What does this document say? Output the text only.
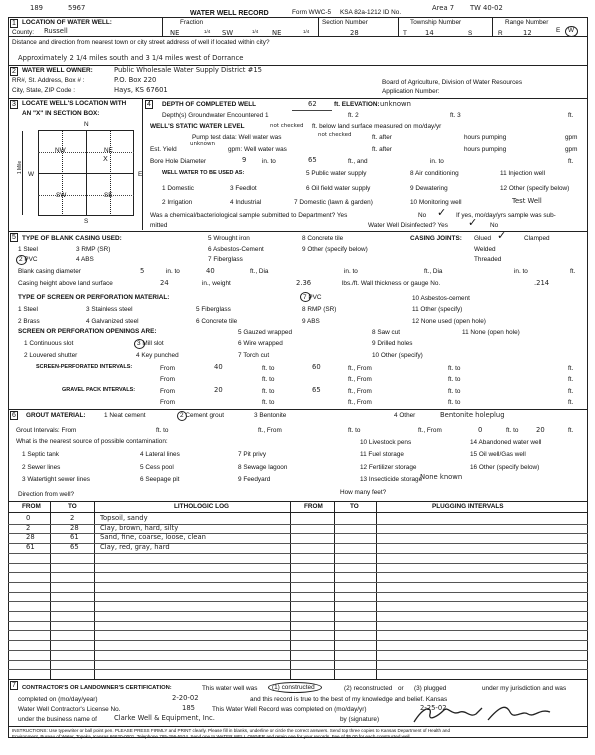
189	5967
WATER WELL RECORD	Form WWC-5 KSA 82a-1212 ID No.
Area 7 TW 40-02
1 LOCATION OF WATER WELL:	Fraction	Section Number	Township Number	Range Number
County: Russell	NE	1/4 SW	1/4 NE	1/4	28	T	14	S	R	12	E W
Distance and direction from nearest town or city street address of well if located within city?
Approximately 2 1/4 miles south and 3 1/4 miles west of Dorrance
2 WATER WELL OWNER:	Public Wholesale Water Supply District #15
RR#, St. Address, Box # :	P.O. Box 220
City, State, ZIP Code :	Hays, KS 67601
Board of Agriculture, Division of Water Resources
Application Number:
3 LOCATE WELL'S LOCATION WITH
AN "X" IN SECTION BOX:
N
S
W	E
1 Mile
NW	NE
X
SW	SE
4	DEPTH OF COMPLETED WELL	62	ft. ELEVATION: unknown
Depth(s) Groundwater Encountered 1	ft. 2	ft. 3	ft.
WELL'S STATIC WATER LEVEL	not checked ft. below land surface measured on mo/day/yr
Pump test data: Well water was	not checked	ft. after	hours pumping	gpm
Est. Yield
unknown
gpm: Well water was	ft. after	hours pumping	gpm
Bore Hole Diameter	9 in. to	65	ft., and	in. to	ft.
WELL WATER TO BE USED AS:
1 Domestic	3 Feedlot
5 Public water supply	8 Air conditioning	11 Injection well
2 Irrigation	4 Industrial	7 Domestic (lawn & garden)	10 Monitoring well
12 Other (specify below)
6 Oil field water supply	9 Dewatering
Test Well
Was a chemical/bacteriological sample submitted to Department? Yes	No ✓ If yes, mo/day/yrs sample was sub-
mitted	Water Well Disinfected? Yes	No
✓
5 TYPE OF BLANK CASING USED:
1 Steel	3 RMP (SR)
5 Wrought iron	8 Concrete tile
2 PVC	4 ABS
6 Asbestos-Cement	9 Other (specify below)
7 Fiberglass
CASING JOINTS: Glued ✓	Clamped
Welded
Threaded
Blank casing diameter	5	in. to	40	ft., Dia	in. to	ft., Dia	in. to	ft.
Casing height above land surface	24	in., weight	2.36	lbs./ft. Wall thickness or gauge No.	.214
TYPE OF SCREEN OR PERFORATION MATERIAL:
1 Steel	3 Stainless steel	5 Fiberglass	8 RMP (SR)
10 Asbestos-cement
2 Brass	4 Galvanized steel	6 Concrete tile	9 ABS
11 Other (specify)
12 None used (open hole)
7 PVC
SCREEN OR PERFORATION OPENINGS ARE:
1 Continuous slot	3 Mill slot
5 Gauzed wrapped	8 Saw cut	11 None (open hole)
2 Louvered shutter	4 Key punched
6 Wire wrapped	9 Drilled holes
7 Torch cut	10 Other (specify)
SCREEN-PERFORATED INTERVALS:	From	40	ft. to	60	ft., From	ft. to	ft.
From	ft. to	ft., From	ft. to	ft.
GRAVEL PACK INTERVALS:	From	20	ft. to	65	ft., From	ft. to	ft.
From	ft. to	ft., From	ft. to	ft.
6	GROUT MATERIAL:	1 Neat cement	2 Cement grout	3 Bentonite	4 Other	Bentonite holeplug
Grout Intervals: From	ft. to	ft., From	ft. to	ft., From	0	ft. to	20	ft.
What is the nearest source of possible contamination:
1 Septic tank	4 Lateral lines	7 Pit privy
10 Livestock pens	14 Abandoned water well
2 Sewer lines	5 Cess pool	8 Sewage lagoon
11 Fuel storage	15 Oil well/Gas well
3 Watertight sewer lines	6 Seepage pit	9 Feedyard
12 Fertilizer storage	16 Other (specify below)
13 Insecticide storage
None known
Direction from well?	How many feet?
FROM	TO	LITHOLOGIC LOG	FROM	TO	PLUGGING INTERVALS
0	2	Topsoil, sandy
2	28	Clay, brown, hard, silty
28	61	Sand, fine, coarse, loose, clean
61	65	Clay, red, gray, hard
7	CONTRACTOR'S OR LANDOWNER'S CERTIFICATION:	This water well was (1) constructed	(2) reconstructed or (3) plugged	under my jurisdiction and was
completed on (mo/day/year)	2-20-02	and this record is true to the best of my knowledge and belief. Kansas
Water Well Contractor's License No.	185	This Water Well Record was completed on (mo/day/yr)	2-25-02
under the business name of	Clarke Well & Equipment, Inc.	by (signature)
INSTRUCTIONS: Use typewriter or ball point pen. PLEASE PRESS FIRMLY and PRINT clearly. Please fill in blanks, underline or circle the correct answers. Send top three copies to Kansas Department of Health and
Environment, Bureau of Water, Topeka, Kansas 66620-0001. Telephone 785-296-5524. Send one to WATER WELL OWNER and retain one for your records. Fee of $5.00 for each constructed well.
